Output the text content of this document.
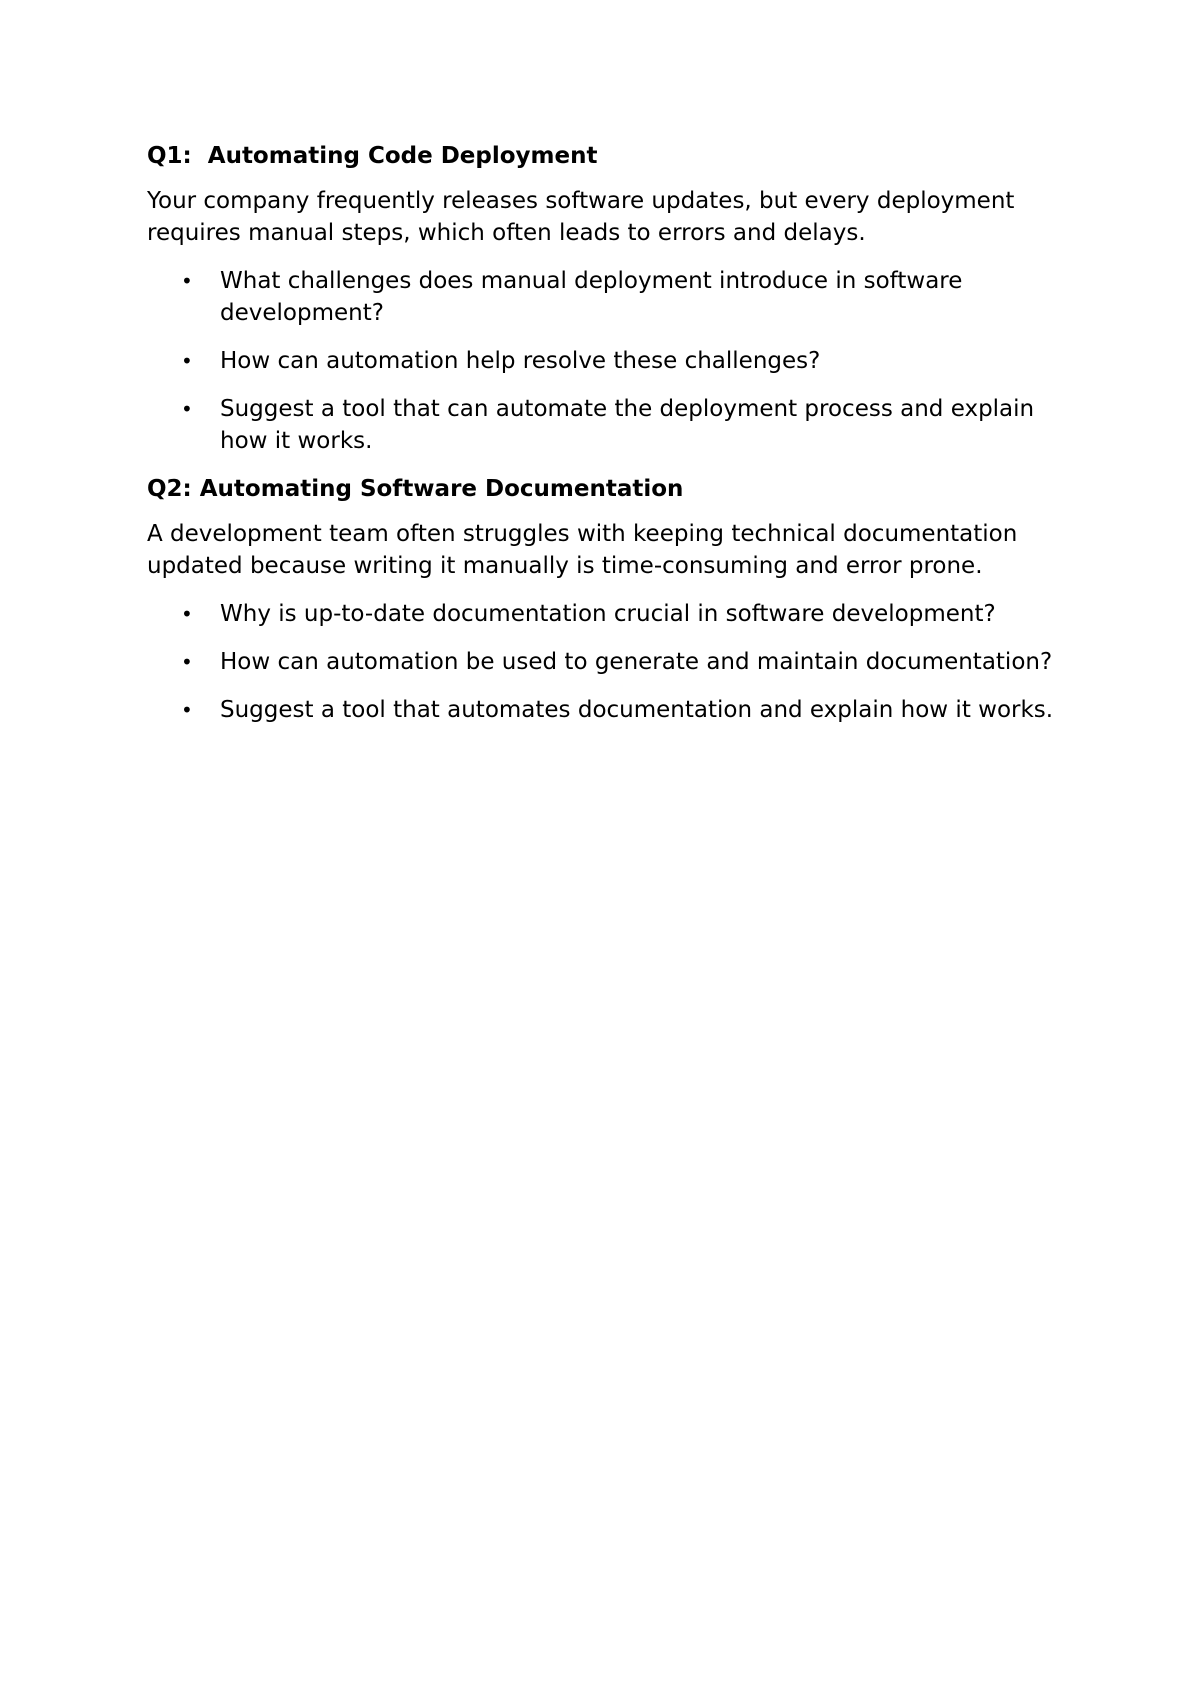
Q1:  Automating Code Deployment

Your company frequently releases software updates, but every deployment requires manual steps, which often leads to errors and delays.

• What challenges does manual deployment introduce in software development?
• How can automation help resolve these challenges?
• Suggest a tool that can automate the deployment process and explain how it works.
Q2: Automating Software Documentation

A development team often struggles with keeping technical documentation updated because writing it manually is time-consuming and error prone.

• Why is up-to-date documentation crucial in software development?
• How can automation be used to generate and maintain documentation?
• Suggest a tool that automates documentation and explain how it works.
